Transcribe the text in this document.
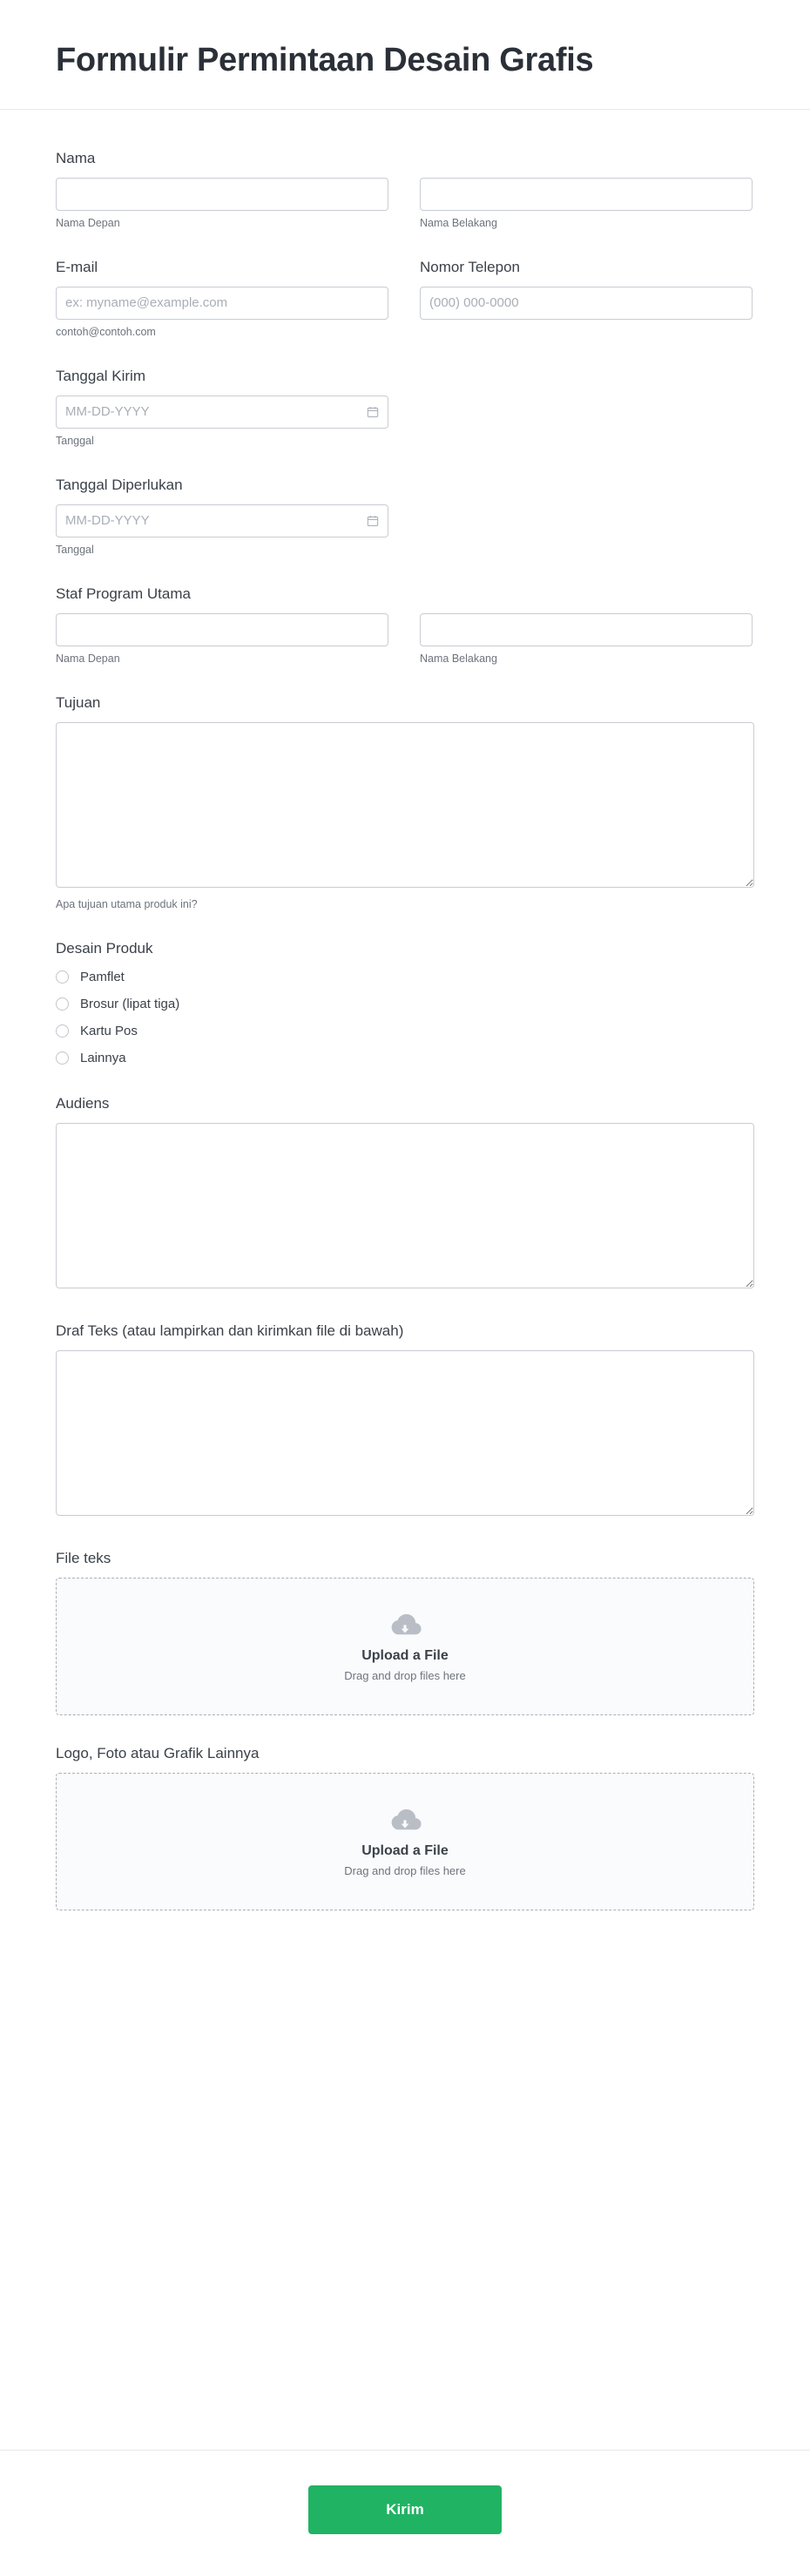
Formulir Permintaan Desain Grafis
Nama
Nama Depan	Nama Belakang
E-mail
ex: myname@example.com
contoh@contoh.com
Nomor Telepon
(000) 000-0000
Tanggal Kirim
MM-DD-YYYY
Tanggal
Tanggal Diperlukan
MM-DD-YYYY
Tanggal
Staf Program Utama
Nama Depan	Nama Belakang
Tujuan
Apa tujuan utama produk ini?
Desain Produk
Pamflet
Brosur (lipat tiga)
Kartu Pos
Lainnya
Audiens
Draf Teks (atau lampirkan dan kirimkan file di bawah)
File teks
Upload a File
Drag and drop files here
Logo, Foto atau Grafik Lainnya
Upload a File
Drag and drop files here
Kirim
